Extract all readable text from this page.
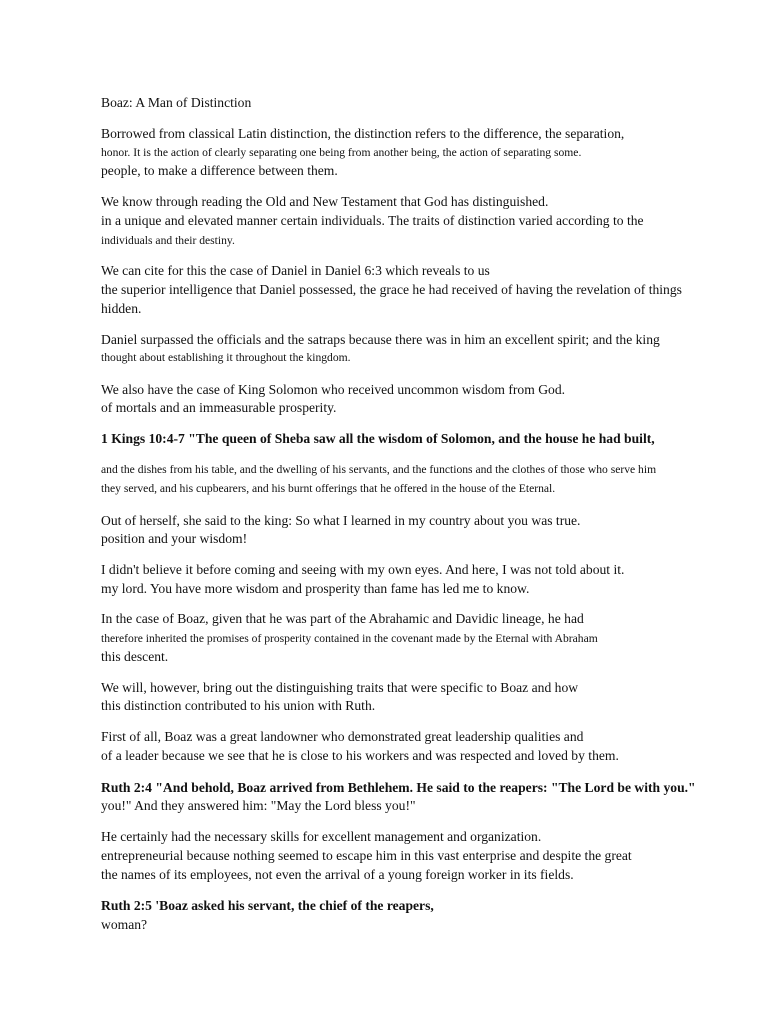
Boaz: A Man of Distinction
Borrowed from classical Latin distinction, the distinction refers to the difference, the separation,
honor. It is the action of clearly separating one being from another being, the action of separating some.
people, to make a difference between them.
We know through reading the Old and New Testament that God has distinguished.
in a unique and elevated manner certain individuals. The traits of distinction varied according to the
individuals and their destiny.
We can cite for this the case of Daniel in Daniel 6:3 which reveals to us
the superior intelligence that Daniel possessed, the grace he had received of having the revelation of things
hidden.
Daniel surpassed the officials and the satraps because there was in him an excellent spirit; and the king
thought about establishing it throughout the kingdom.
We also have the case of King Solomon who received uncommon wisdom from God.
of mortals and an immeasurable prosperity.
1 Kings 10:4-7 "The queen of Sheba saw all the wisdom of Solomon, and the house he had built,
and the dishes from his table, and the dwelling of his servants, and the functions and the clothes of those who serve him
they served, and his cupbearers, and his burnt offerings that he offered in the house of the Eternal.
Out of herself, she said to the king: So what I learned in my country about you was true.
position and your wisdom!
I didn't believe it before coming and seeing with my own eyes. And here, I was not told about it.
my lord. You have more wisdom and prosperity than fame has led me to know.
In the case of Boaz, given that he was part of the Abrahamic and Davidic lineage, he had
therefore inherited the promises of prosperity contained in the covenant made by the Eternal with Abraham
this descent.
We will, however, bring out the distinguishing traits that were specific to Boaz and how
this distinction contributed to his union with Ruth.
First of all, Boaz was a great landowner who demonstrated great leadership qualities and
of a leader because we see that he is close to his workers and was respected and loved by them.
Ruth 2:4 "And behold, Boaz arrived from Bethlehem. He said to the reapers: "The Lord be with you."
you!" And they answered him: "May the Lord bless you!"
He certainly had the necessary skills for excellent management and organization.
entrepreneurial because nothing seemed to escape him in this vast enterprise and despite the great
the names of its employees, not even the arrival of a young foreign worker in its fields.
Ruth 2:5 'Boaz asked his servant, the chief of the reapers,
woman?
